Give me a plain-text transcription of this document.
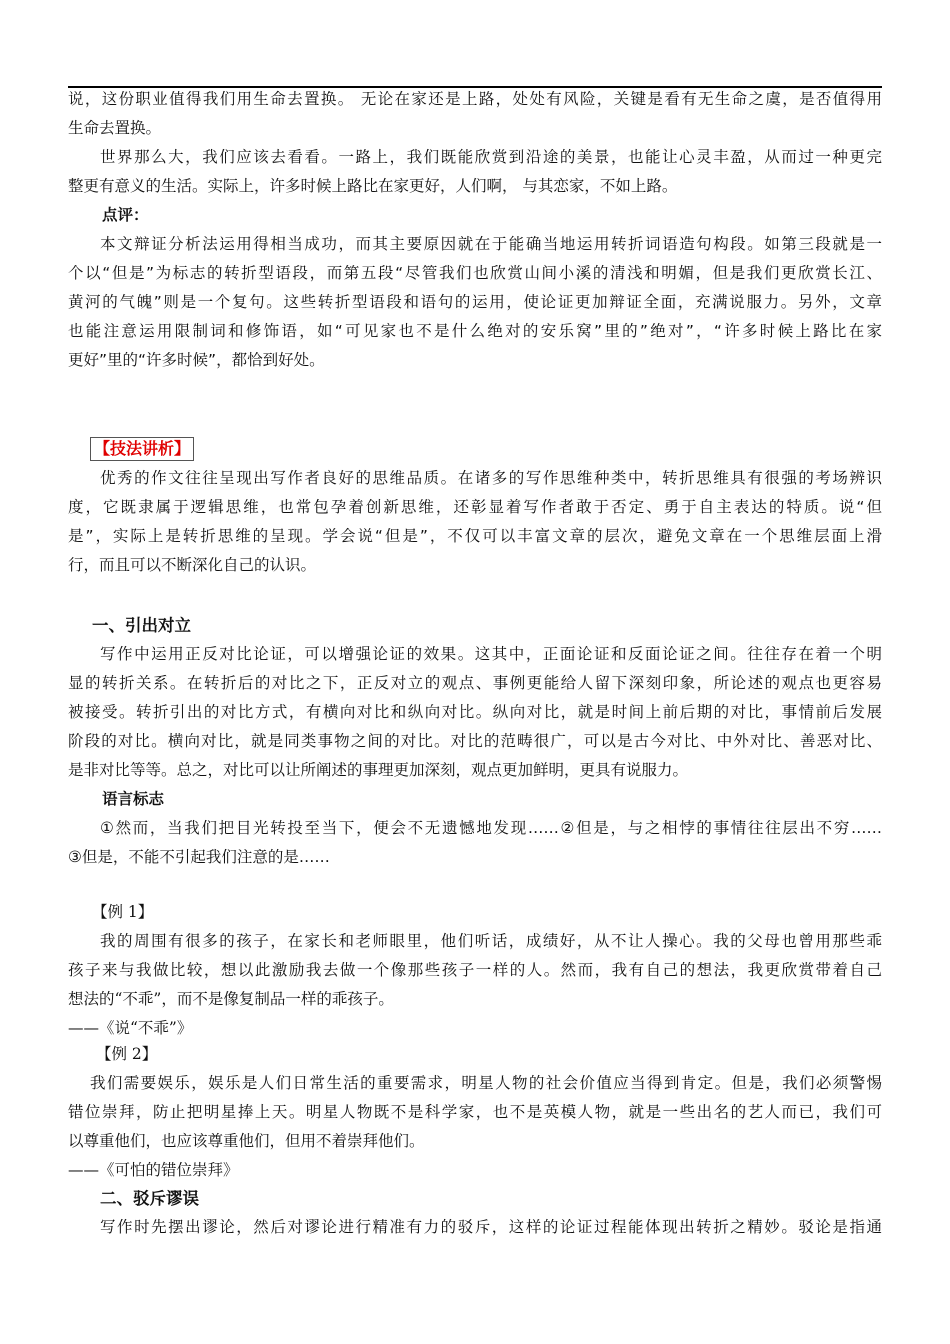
说，这份职业值得我们用生命去置换。 无论在家还是上路，处处有风险，关键是看有无生命之虞，是否值得用
生命去置换。
世界那么大，我们应该去看看。一路上，我们既能欣赏到沿途的美景，也能让心灵丰盈，从而过一种更完
整更有意义的生活。实际上，许多时候上路比在家更好，人们啊， 与其恋家，不如上路。
点评：
本文辩证分析法运用得相当成功，而其主要原因就在于能确当地运用转折词语造句构段。如第三段就是一
个以“但是”为标志的转折型语段，而第五段“尽管我们也欣赏山间小溪的清浅和明媚，但是我们更欣赏长江、
黄河的气魄”则是一个复句。这些转折型语段和语句的运用，使论证更加辩证全面，充满说服力。另外，文章
也能注意运用限制词和修饰语，如“可见家也不是什么绝对的安乐窝”里的”绝对”，“许多时候上路比在家
更好”里的“许多时候”，都恰到好处。
【技法讲析】
优秀的作文往往呈现出写作者良好的思维品质。在诸多的写作思维种类中，转折思维具有很强的考场辨识
度，它既隶属于逻辑思维，也常包孕着创新思维，还彰显着写作者敢于否定、勇于自主表达的特质。说“但
是”，实际上是转折思维的呈现。学会说“但是”，不仅可以丰富文章的层次，避免文章在一个思维层面上滑
行，而且可以不断深化自己的认识。
一、引出对立
写作中运用正反对比论证，可以增强论证的效果。这其中，正面论证和反面论证之间。往往存在着一个明
显的转折关系。在转折后的对比之下，正反对立的观点、事例更能给人留下深刻印象，所论述的观点也更容易
被接受。转折引出的对比方式，有横向对比和纵向对比。纵向对比，就是时间上前后期的对比，事情前后发展
阶段的对比。横向对比，就是同类事物之间的对比。对比的范畴很广，可以是古今对比、中外对比、善恶对比、
是非对比等等。总之，对比可以让所阐述的事理更加深刻，观点更加鲜明，更具有说服力。
语言标志
①然而，当我们把目光转投至当下，便会不无遗憾地发现……②但是，与之相悖的事情往往层出不穷……
③但是，不能不引起我们注意的是……
【例 1】
我的周围有很多的孩子，在家长和老师眼里，他们听话，成绩好，从不让人操心。我的父母也曾用那些乖
孩子来与我做比较，想以此激励我去做一个像那些孩子一样的人。然而，我有自己的想法，我更欣赏带着自己
想法的“不乖”，而不是像复制品一样的乖孩子。
——《说“不乖”》
【例 2】
我们需要娱乐，娱乐是人们日常生活的重要需求，明星人物的社会价值应当得到肯定。但是，我们必须警惕
错位崇拜，防止把明星捧上天。明星人物既不是科学家，也不是英模人物，就是一些出名的艺人而已，我们可
以尊重他们，也应该尊重他们，但用不着崇拜他们。
——《可怕的错位崇拜》
二、驳斥谬误
写作时先摆出谬论，然后对谬论进行精准有力的驳斥，这样的论证过程能体现出转折之精妙。驳论是指通
